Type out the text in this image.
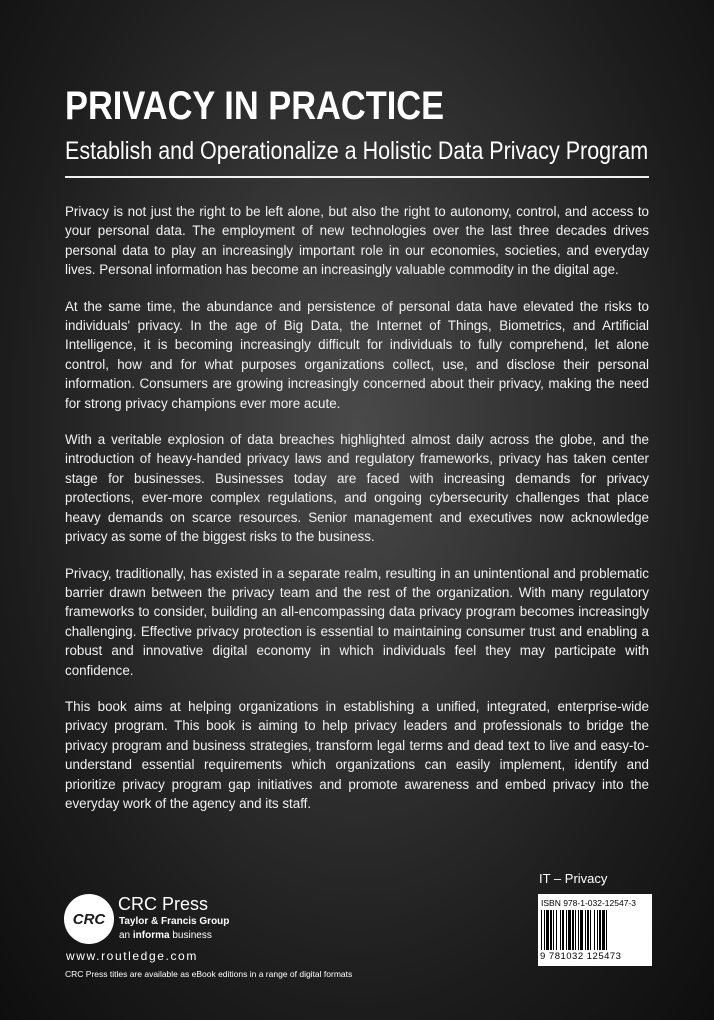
PRIVACY IN PRACTICE
Establish and Operationalize a Holistic Data Privacy Program

Privacy is not just the right to be left alone, but also the right to autonomy, control, and access to your personal data. The employment of new technologies over the last three decades drives personal data to play an increasingly important role in our economies, societies, and everyday lives. Personal information has become an increasingly valuable commodity in the digital age.

At the same time, the abundance and persistence of personal data have elevated the risks to individuals' privacy. In the age of Big Data, the Internet of Things, Biometrics, and Artificial Intelligence, it is becoming increasingly difficult for individuals to fully comprehend, let alone control, how and for what purposes organizations collect, use, and disclose their personal information. Consumers are growing increasingly concerned about their privacy, making the need for strong privacy champions ever more acute.

With a veritable explosion of data breaches highlighted almost daily across the globe, and the introduction of heavy-handed privacy laws and regulatory frameworks, privacy has taken center stage for businesses. Businesses today are faced with increasing demands for privacy protections, ever-more complex regulations, and ongoing cybersecurity challenges that place heavy demands on scarce resources. Senior management and executives now acknowledge privacy as some of the biggest risks to the business.

Privacy, traditionally, has existed in a separate realm, resulting in an unintentional and problematic barrier drawn between the privacy team and the rest of the organization. With many regulatory frameworks to consider, building an all-encompassing data privacy program becomes increasingly challenging. Effective privacy protection is essential to maintaining consumer trust and enabling a robust and innovative digital economy in which individuals feel they may participate with confidence.

This book aims at helping organizations in establishing a unified, integrated, enterprise-wide privacy program. This book is aiming to help privacy leaders and professionals to bridge the privacy program and business strategies, transform legal terms and dead text to live and easy-to-understand essential requirements which organizations can easily implement, identify and prioritize privacy program gap initiatives and promote awareness and embed privacy into the everyday work of the agency and its staff.

IT – Privacy
ISBN 978-1-032-12547-3
9 781032 125473
CRC
CRC Press
Taylor & Francis Group
an informa business
www.routledge.com
CRC Press titles are available as eBook editions in a range of digital formats
